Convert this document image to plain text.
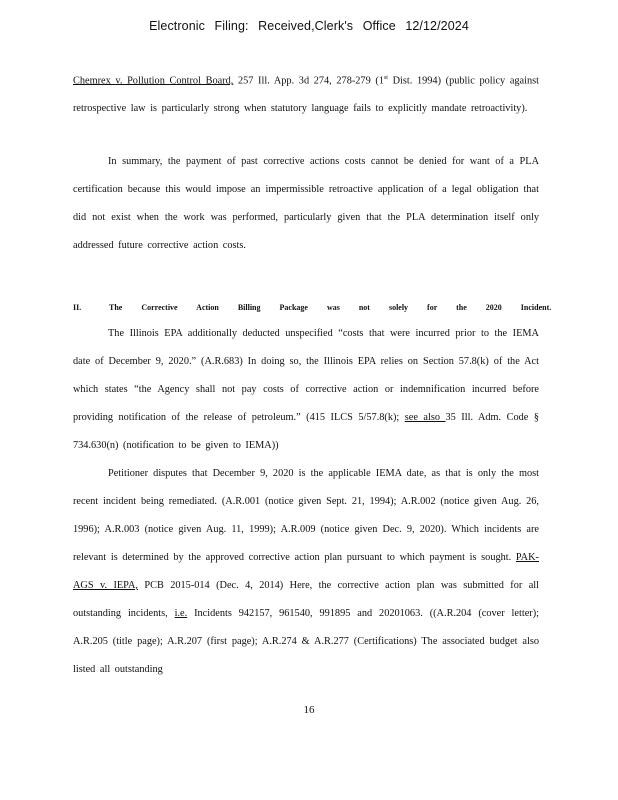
Electronic Filing: Received,Clerk's Office 12/12/2024
Chemrex v. Pollution Control Board, 257 Ill. App. 3d 274, 278-279 (1st Dist. 1994) (public policy against retrospective law is particularly strong when statutory language fails to explicitly mandate retroactivity).
In summary, the payment of past corrective actions costs cannot be denied for want of a PLA certification because this would impose an impermissible retroactive application of a legal obligation that did not exist when the work was performed, particularly given that the PLA determination itself only addressed future corrective action costs.
II.	The Corrective Action Billing Package was not solely for the 2020 Incident.
The Illinois EPA additionally deducted unspecified “costs that were incurred prior to the IEMA date of December 9, 2020.” (A.R.683) In doing so, the Illinois EPA relies on Section 57.8(k) of the Act which states “the Agency shall not pay costs of corrective action or indemnification incurred before providing notification of the release of petroleum.” (415 ILCS 5/57.8(k); see also 35 Ill. Adm. Code § 734.630(n) (notification to be given to IEMA))
Petitioner disputes that December 9, 2020 is the applicable IEMA date, as that is only the most recent incident being remediated. (A.R.001 (notice given Sept. 21, 1994); A.R.002 (notice given Aug. 26, 1996); A.R.003 (notice given Aug. 11, 1999); A.R.009 (notice given Dec. 9, 2020). Which incidents are relevant is determined by the approved corrective action plan pursuant to which payment is sought. PAK-AGS v. IEPA, PCB 2015-014 (Dec. 4, 2014) Here, the corrective action plan was submitted for all outstanding incidents, i.e. Incidents 942157, 961540, 991895 and 20201063. ((A.R.204 (cover letter); A.R.205 (title page); A.R.207 (first page); A.R.274 & A.R.277 (Certifications) The associated budget also listed all outstanding
16
